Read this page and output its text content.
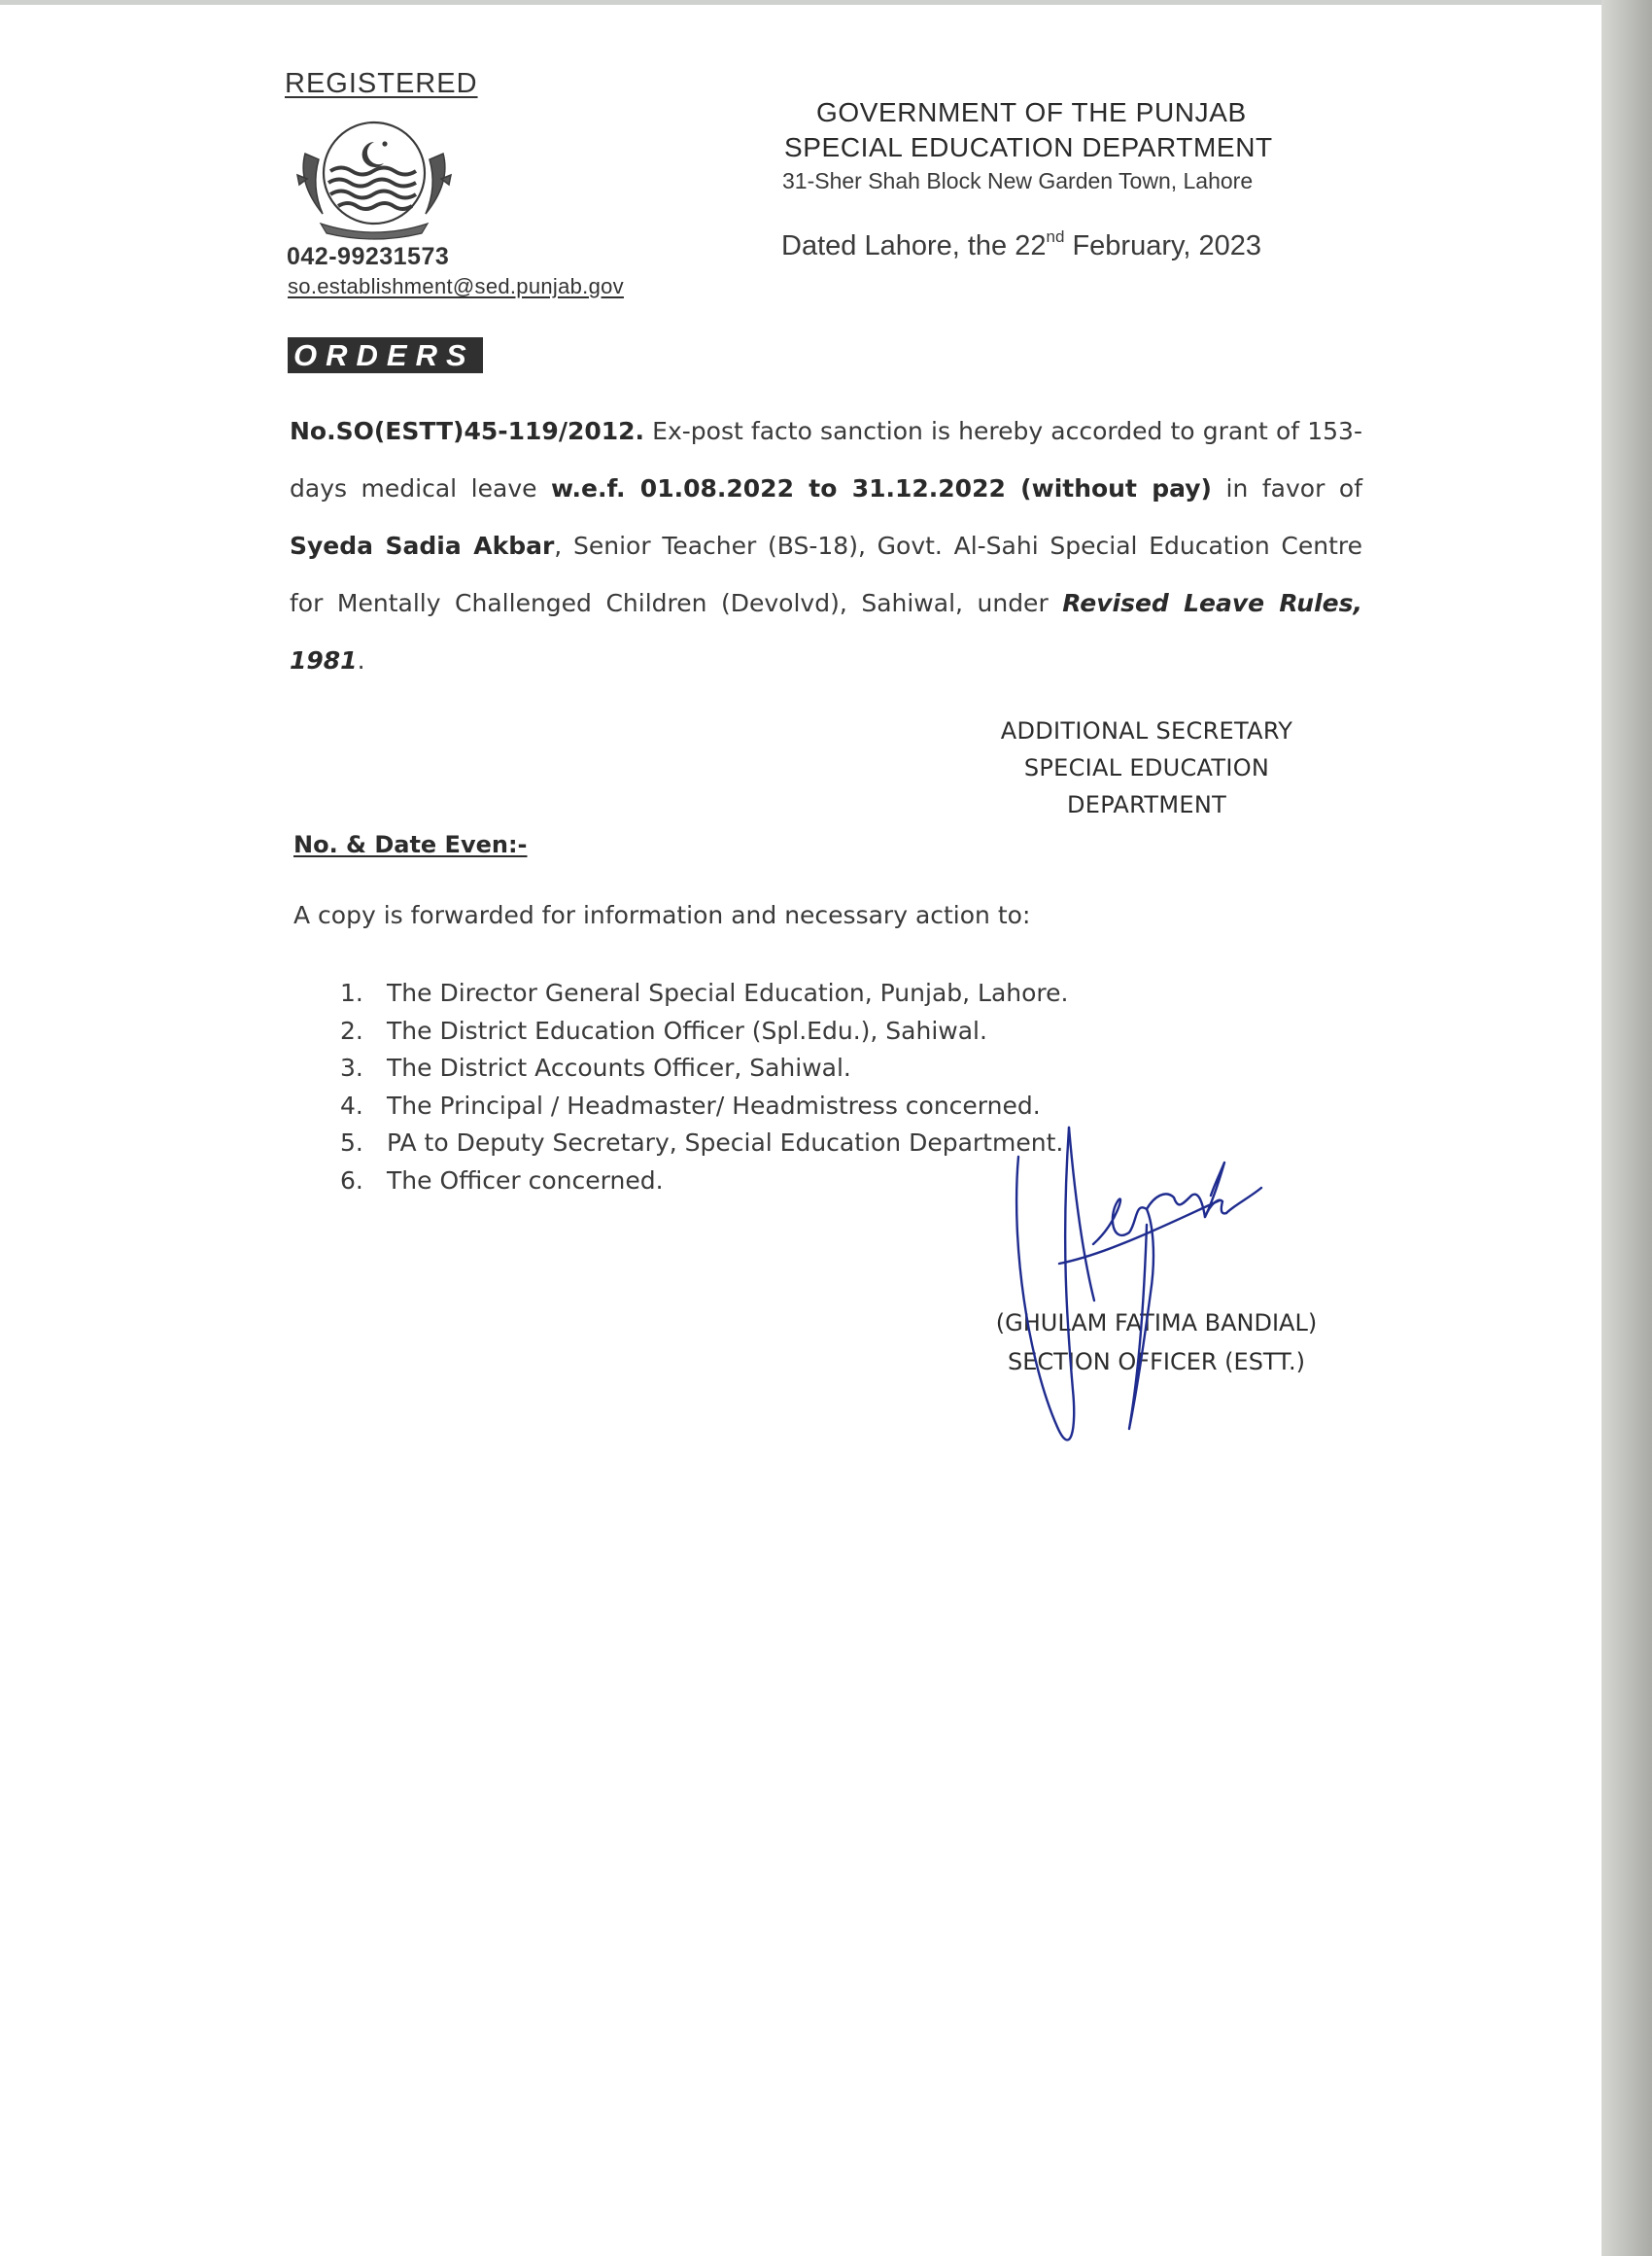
REGISTERED
042-99231573
so.establishment@sed.punjab.gov
GOVERNMENT OF THE PUNJAB
SPECIAL EDUCATION DEPARTMENT
31-Sher Shah Block New Garden Town, Lahore
Dated Lahore, the 22nd February, 2023
ORDERS
No.SO(ESTT)45-119/2012. Ex-post facto sanction is hereby accorded to grant of 153-days medical leave w.e.f. 01.08.2022 to 31.12.2022 (without pay) in favor of Syeda Sadia Akbar, Senior Teacher (BS-18), Govt. Al-Sahi Special Education Centre for Mentally Challenged Children (Devolvd), Sahiwal, under Revised Leave Rules, 1981.
ADDITIONAL SECRETARY
SPECIAL EDUCATION
DEPARTMENT
No. & Date Even:-
A copy is forwarded for information and necessary action to:
1. The Director General Special Education, Punjab, Lahore.
2. The District Education Officer (Spl.Edu.), Sahiwal.
3. The District Accounts Officer, Sahiwal.
4. The Principal / Headmaster/ Headmistress concerned.
5. PA to Deputy Secretary, Special Education Department.
6. The Officer concerned.
(GHULAM FATIMA BANDIAL)
SECTION OFFICER (ESTT.)
